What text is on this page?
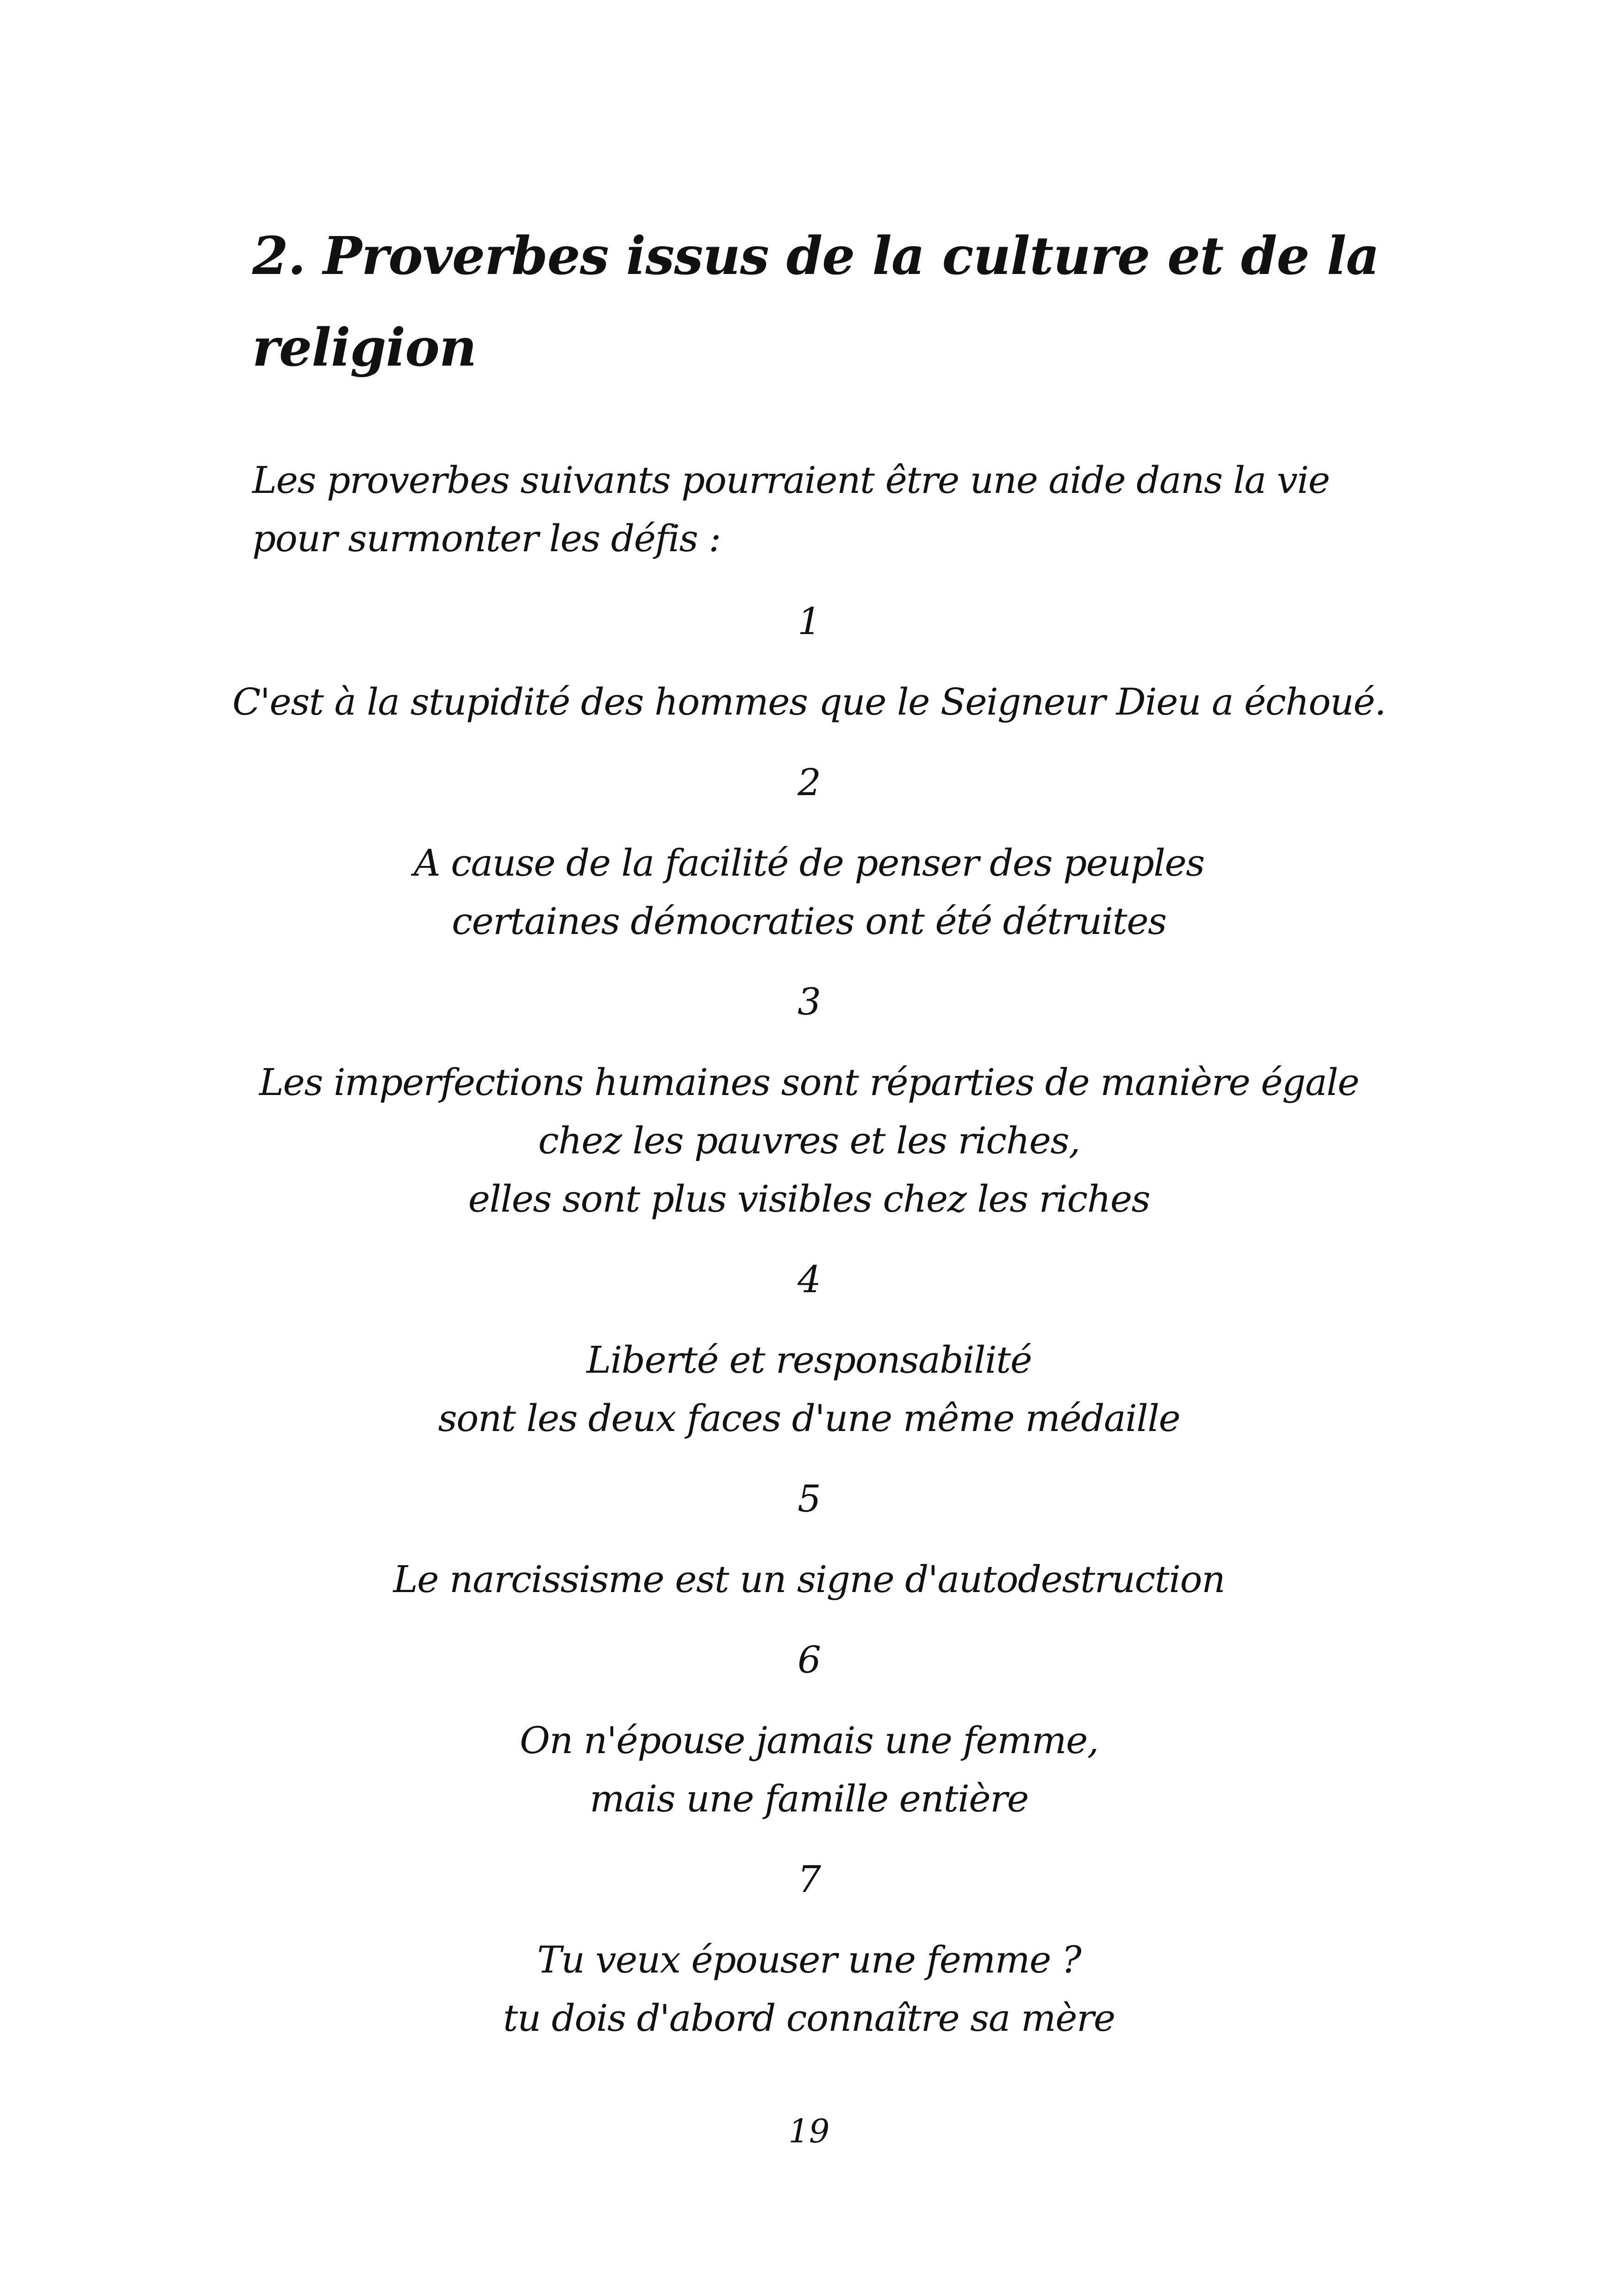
2. Proverbes issus de la culture et de la religion

Les proverbes suivants pourraient être une aide dans la vie pour surmonter les défis :

1
C'est à la stupidité des hommes que le Seigneur Dieu a échoué.
2
A cause de la facilité de penser des peuples
certaines démocraties ont été détruites
3
Les imperfections humaines sont réparties de manière égale
chez les pauvres et les riches,
elles sont plus visibles chez les riches
4
Liberté et responsabilité
sont les deux faces d'une même médaille
5
Le narcissisme est un signe d'autodestruction
6
On n'épouse jamais une femme,
mais une famille entière
7
Tu veux épouser une femme ?
tu dois d'abord connaître sa mère
19
